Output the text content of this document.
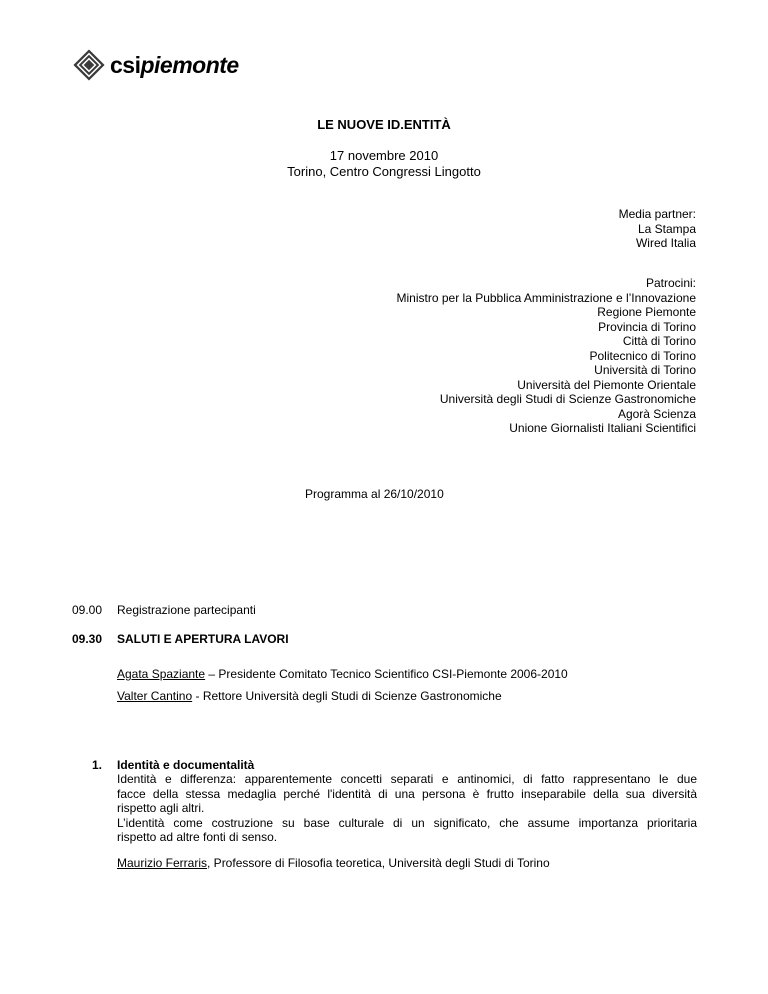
csipiemonte
LE NUOVE ID.ENTITÀ
17 novembre 2010
Torino, Centro Congressi Lingotto
Media partner:
La Stampa
Wired Italia
Patrocini:
Ministro per la Pubblica Amministrazione e l’Innovazione
Regione Piemonte
Provincia di Torino
Città di Torino
Politecnico di Torino
Università di Torino
Università del Piemonte Orientale
Università degli Studi di Scienze Gastronomiche
Agorà Scienza
Unione Giornalisti Italiani Scientifici
Programma al 26/10/2010
09.00 Registrazione partecipanti
09.30 SALUTI E APERTURA LAVORI
Agata Spaziante – Presidente Comitato Tecnico Scientifico CSI-Piemonte 2006-2010
Valter Cantino - Rettore Università degli Studi di Scienze Gastronomiche
1. Identità e documentalità
Identità e differenza: apparentemente concetti separati e antinomici, di fatto rappresentano le due
facce della stessa medaglia perché l'identità di una persona è frutto inseparabile della sua diversità
rispetto agli altri.
L’identità come costruzione su base culturale di un significato, che assume importanza prioritaria
rispetto ad altre fonti di senso.
Maurizio Ferraris, Professore di Filosofia teoretica, Università degli Studi di Torino
